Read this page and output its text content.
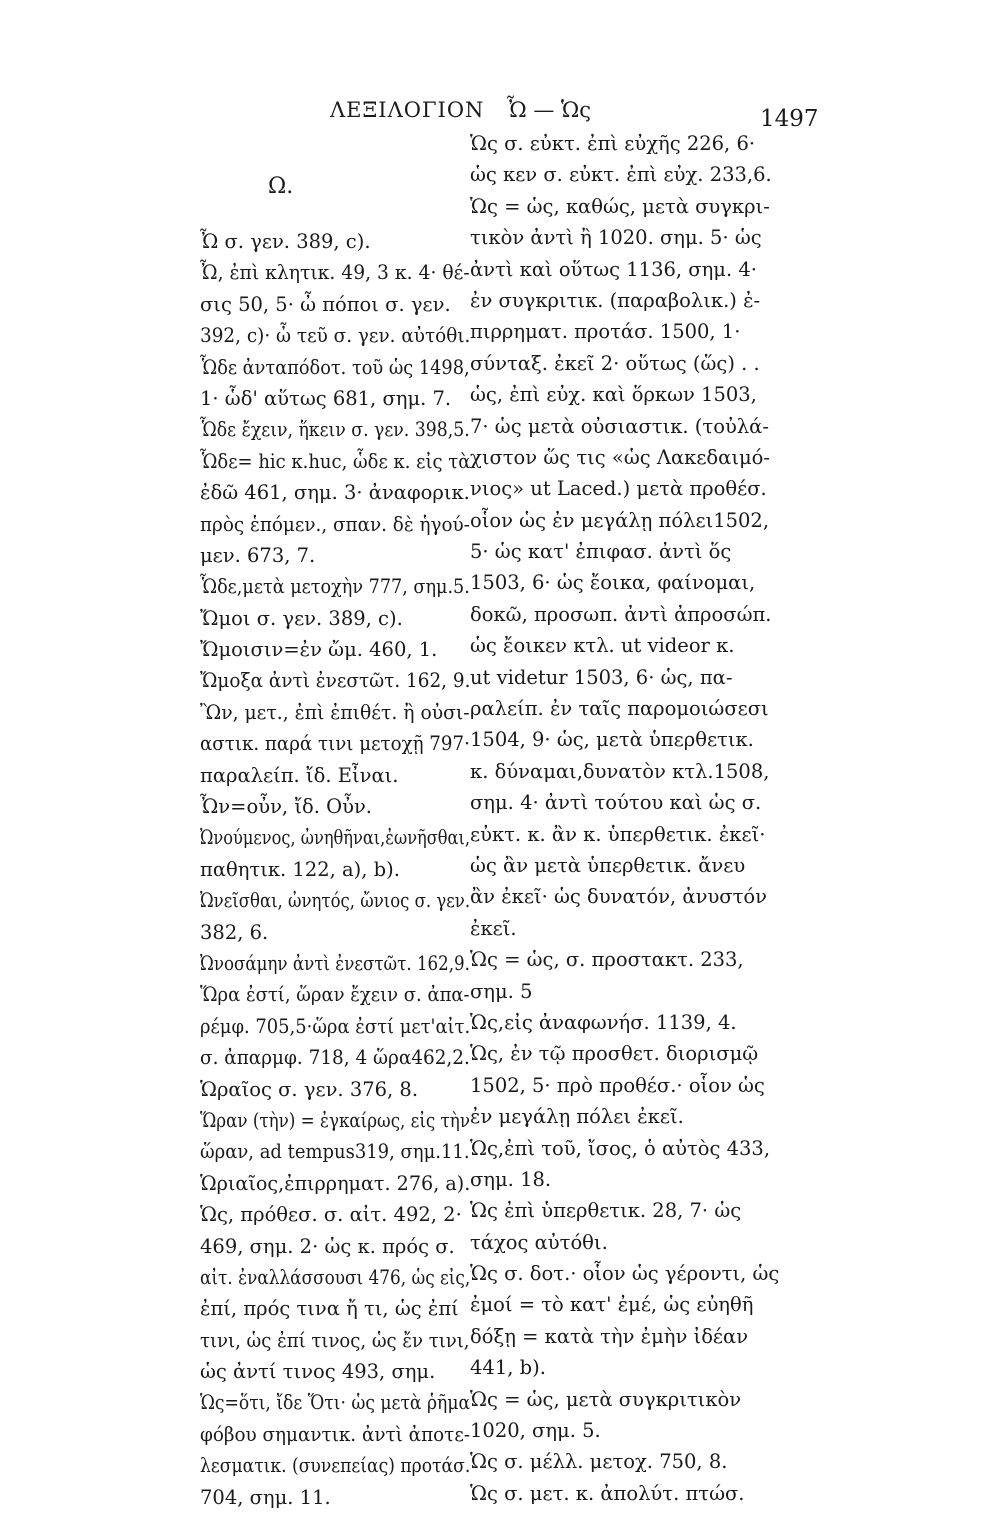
ΛΕΞΙΛΟΓΙΟΝ Ὦ — Ὡς	1497
Ω.
Ὦ σ. γεν. 389, c).
Ὦ, ἐπὶ κλητικ. 49, 3 κ. 4· θέ-
σις 50, 5· ὦ πόποι σ. γεν.
392, c)· ὦ τεῦ σ. γεν. αὐτόθι.
Ὧδε ἀνταπόδοτ. τοῦ ὡς 1498,
1· ὧδ' αὕτως 681, σημ. 7.
Ὧδε ἔχειν, ἥκειν σ. γεν. 398,5.
Ὧδε= hic κ.huc, ὧδε κ. εἰς τὰ
ἐδῶ 461, σημ. 3· ἀναφορικ.
πρὸς ἑπόμεν., σπαν. δὲ ἡγού-
μεν. 673, 7.
Ὧδε,μετὰ μετοχὴν 777, σημ.5.
Ὤμοι σ. γεν. 389, c).
Ὤμοισιν=ἐν ὤμ. 460, 1.
Ὤμοξα ἀντὶ ἐνεστῶτ. 162, 9.
Ὢν, μετ., ἐπὶ ἐπιθέτ. ἢ οὐσι-
αστικ. παρά τινι μετοχῇ 797·
παραλείπ. ἴδ. Εἶναι.
Ὦν=οὖν, ἴδ. Οὖν.
Ὠνούμενος, ὠνηθῆναι,ἐωνῆσθαι,
παθητικ. 122, a), b).
Ὠνεῖσθαι, ὠνητός, ὤνιος σ. γεν.
382, 6.
Ὠνοσάμην ἀντὶ ἐνεστῶτ. 162,9.
Ὥρα ἐστί, ὥραν ἔχειν σ. ἀπα-
ρέμφ. 705,5·ὥρα ἐστί μετ'αἰτ.
σ. ἀπαρμφ. 718, 4 ὥρα462,2.
Ὡραῖος σ. γεν. 376, 8.
Ὥραν (τὴν) = ἐγκαίρως, εἰς τὴν
ὥραν, ad tempus319, σημ.11.
Ὡριαῖος,ἐπιρρηματ. 276, a).
Ὡς, πρόθεσ. σ. αἰτ. 492, 2·
469, σημ. 2· ὡς κ. πρός σ.
αἰτ. ἐναλλάσσουσι 476, ὡς εἰς,
ἐπί, πρός τινα ἤ τι, ὡς ἐπί
τινι, ὡς ἐπί τινος, ὡς ἔν τινι,
ὡς ἀντί τινος 493, σημ.
Ὡς=ὅτι, ἴδε Ὅτι· ὡς μετὰ ῥῆμα
φόβου σημαντικ. ἀντὶ ἀποτε-
λεσματικ. (συνεπείας) προτάσ.
704, σημ. 11.
Ὡς σ. εὐκτ. ἐπὶ εὐχῆς 226, 6·
ὡς κεν σ. εὐκτ. ἐπὶ εὐχ. 233,6.
Ὡς = ὡς, καθώς, μετὰ συγκρι-
τικὸν ἀντὶ ἢ 1020. σημ. 5· ὡς
ἀντὶ καὶ οὕτως 1136, σημ. 4·
ἐν συγκριτικ. (παραβολικ.) ἐ-
πιρρηματ. προτάσ. 1500, 1·
σύνταξ. ἐκεῖ 2· οὕτως (ὥς) . .
ὡς, ἐπὶ εὐχ. καὶ ὅρκων 1503,
7· ὡς μετὰ οὐσιαστικ. (τοὐλά-
χιστον ὥς τις «ὡς Λακεδαιμό-
νιος» ut Laced.) μετὰ προθέσ.
οἷον ὡς ἐν μεγάλῃ πόλει1502,
5· ὡς κατ' ἐπιφασ. ἀντὶ ὅς
1503, 6· ὡς ἔοικα, φαίνομαι,
δοκῶ, προσωπ. ἀντὶ ἀπροσώπ.
ὡς ἔοικεν κτλ. ut videor κ.
ut videtur 1503, 6· ὡς, πα-
ραλείπ. ἐν ταῖς παρομοιώσεσι
1504, 9· ὡς, μετὰ ὑπερθετικ.
κ. δύναμαι,δυνατὸν κτλ.1508,
σημ. 4· ἀντὶ τούτου καὶ ὡς σ.
εὐκτ. κ. ἂν κ. ὑπερθετικ. ἐκεῖ·
ὡς ἂν μετὰ ὑπερθετικ. ἄνευ
ἂν ἐκεῖ· ὡς δυνατόν, ἀνυστόν
ἐκεῖ.
Ὡς = ὡς, σ. προστακτ. 233,
σημ. 5
Ὡς,εἰς ἀναφωνήσ. 1139, 4.
Ὡς, ἐν τῷ προσθετ. διορισμῷ
1502, 5· πρὸ προθέσ.· οἷον ὡς
ἐν μεγάλῃ πόλει ἐκεῖ.
Ὡς,ἐπὶ τοῦ, ἴσος, ὁ αὐτὸς 433,
σημ. 18.
Ὡς ἐπὶ ὑπερθετικ. 28, 7· ὡς
τάχος αὐτόθι.
Ὡς σ. δοτ.· οἷον ὡς γέροντι, ὡς
ἐμοί = τὸ κατ' ἐμέ, ὡς εὐηθῆ
δόξῃ = κατὰ τὴν ἐμὴν ἰδέαν
441, b).
Ὡς = ὡς, μετὰ συγκριτικὸν
1020, σημ. 5.
Ὡς σ. μέλλ. μετοχ. 750, 8.
Ὡς σ. μετ. κ. ἀπολύτ. πτώσ.
